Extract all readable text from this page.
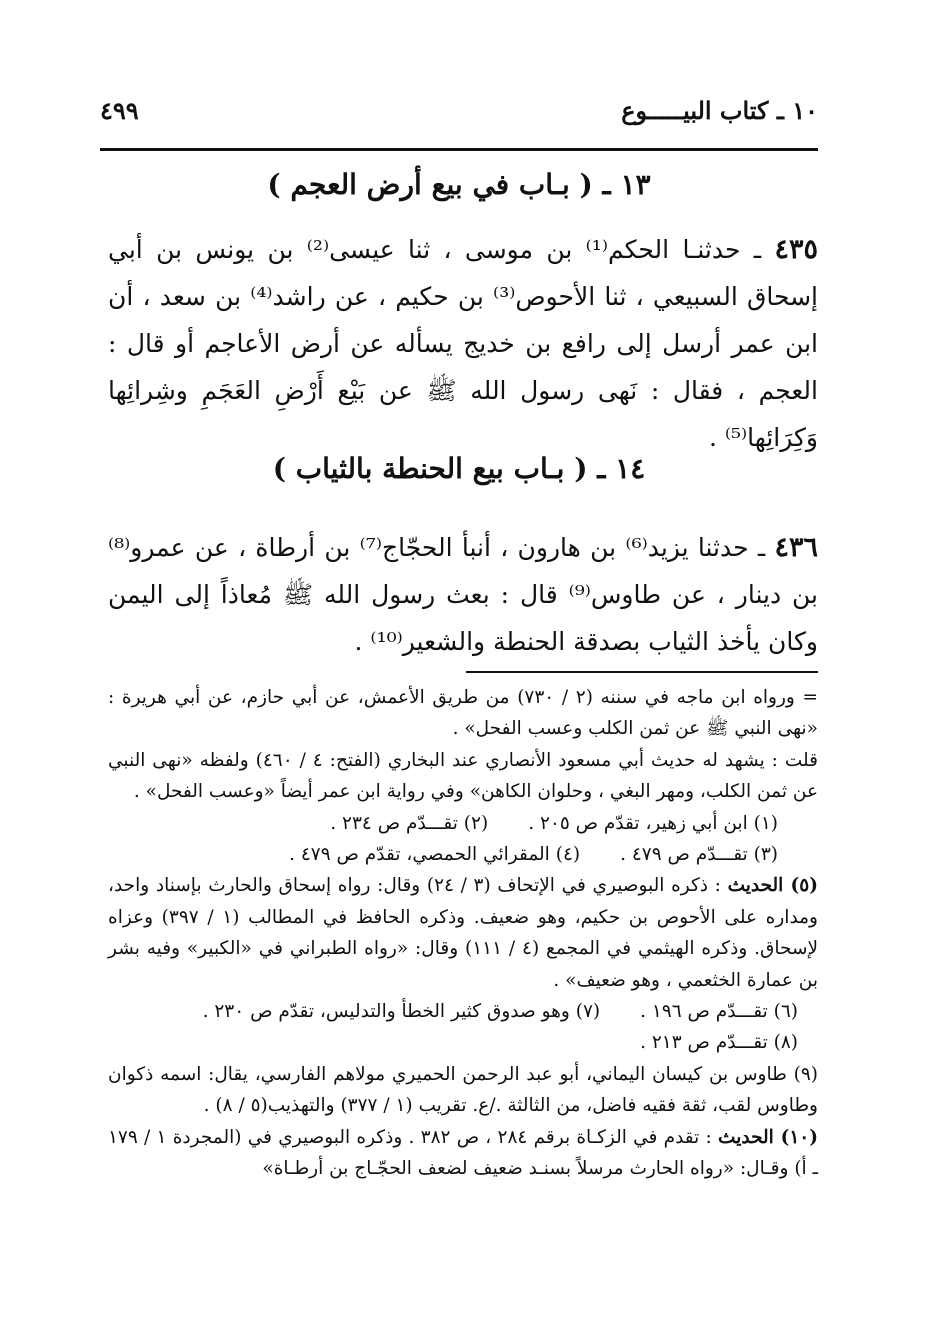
١٠ ـ كتاب البيـــــوع
٤٩٩
١٣ ـ ( بـاب في بيع أرض العجم )
٤٣٥ ـ حدثنـا الحكم⁽¹⁾ بن موسى ، ثنا عيسى⁽²⁾ بن يونس بن أبي إسحاق السبيعي ، ثنا الأحوص⁽³⁾ بن حكيم ، عن راشد⁽⁴⁾ بن سعد ، أن ابن عمر أرسل إلى رافع بن خديج يسأله عن أرض الأعاجم أو قال : العجم ، فقال : نَهى رسول الله ﷺ عن بَيْع أَرْضِ العَجَمِ وشِرائِها وَكِرَائِها⁽⁵⁾ .
١٤ ـ ( بـاب بيع الحنطة بالثياب )
٤٣٦ ـ حدثنا يزيد⁽⁶⁾ بن هارون ، أنبأ الحجّاج⁽⁷⁾ بن أرطاة ، عن عمرو⁽⁸⁾ بن دينار ، عن طاوس⁽⁹⁾ قال : بعث رسول الله ﷺ مُعاذاً إلى اليمن وكان يأخذ الثياب بصدقة الحنطة والشعير⁽¹⁰⁾ .

= ورواه ابن ماجه في سننه (٢ / ٧٣٠) من طريق الأعمش، عن أبي حازم، عن أبي هريرة : «نهى النبي ﷺ عن ثمن الكلب وعسب الفحل» .

قلت : يشهد له حديث أبي مسعود الأنصاري عند البخاري (الفتح: ٤ / ٤٦٠) ولفظه «نهى النبي عن ثمن الكلب، ومهر البغي ، وحلوان الكاهن» وفي رواية ابن عمر أيضاً «وعسب الفحل» .

(١) ابن أبي زهير، تقدّم ص ٢٠٥ .
(٢) تقـــدّم ص ٢٣٤ .

(٣) تقـــدّم ص ٤٧٩ .
(٤) المقرائي الحمصي، تقدّم ص ٤٧٩ .

(٥) الحديث : ذكره البوصيري في الإتحاف (٣ / ٢٤) وقال: رواه إسحاق والحارث بإسناد واحد، ومداره على الأحوص بن حكيم، وهو ضعيف. وذكره الحافظ في المطالب (١ / ٣٩٧) وعزاه لإسحاق. وذكره الهيثمي في المجمع (٤ / ١١١) وقال: «رواه الطبراني في «الكبير» وفيه بشر بن عمارة الخثعمي ، وهو ضعيف» .

(٦) تقـــدّم ص ١٩٦ .
(٧) وهو صدوق كثير الخطأ والتدليس، تقدّم ص ٢٣٠ .

(٨) تقـــدّم ص ٢١٣ .

(٩) طاوس بن كيسان اليماني، أبو عبد الرحمن الحميري مولاهم الفارسي، يقال: اسمه ذكوان وطاوس لقب، ثقة فقيه فاضل، من الثالثة ./ع. تقريب (١ / ٣٧٧) والتهذيب(٥ / ٨) .

(١٠) الحديث : تقدم في الزكـاة برقم ٢٨٤ ، ص ٣٨٢ . وذكره البوصيري في (المجردة ١ / ١٧٩ ـ أ) وقـال: «رواه الحارث مرسلاً بسنـد ضعيف لضعف الحجّـاج بن أرطـاة»
